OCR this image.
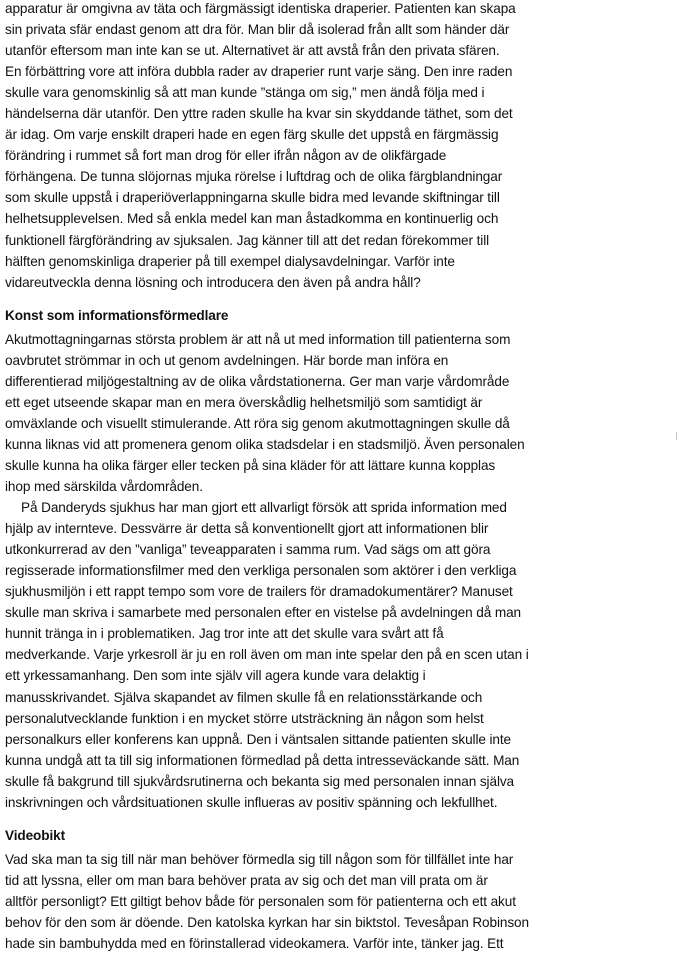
apparatur är omgivna av täta och färgmässigt identiska draperier. Patienten kan skapa
sin privata sfär endast genom att dra för. Man blir då isolerad från allt som händer där
utanför eftersom man inte kan se ut. Alternativet är att avstå från den privata sfären.
En förbättring vore att införa dubbla rader av draperier runt varje säng. Den inre raden
skulle vara genomskinlig så att man kunde ”stänga om sig,” men ändå följa med i
händelserna där utanför. Den yttre raden skulle ha kvar sin skyddande täthet, som det
är idag. Om varje enskilt draperi hade en egen färg skulle det uppstå en färgmässig
förändring i rummet så fort man drog för eller ifrån någon av de olikfärgade
förhängena. De tunna slöjornas mjuka rörelse i luftdrag och de olika färgblandningar
som skulle uppstå i draperiöverlappningarna skulle bidra med levande skiftningar till
helhetsupplevelsen. Med så enkla medel kan man åstadkomma en kontinuerlig och
funktionell färgförändring av sjuksalen. Jag känner till att det redan förekommer till
hälften genomskinliga draperier på till exempel dialysavdelningar. Varför inte
vidareutveckla denna lösning och introducera den även på andra håll?
Konst som informationsförmedlare
Akutmottagningarnas största problem är att nå ut med information till patienterna som
oavbrutet strömmar in och ut genom avdelningen. Här borde man införa en
differentierad miljögestaltning av de olika vårdstationerna. Ger man varje vårdområde
ett eget utseende skapar man en mera överskådlig helhetsmiljö som samtidigt är
omväxlande och visuellt stimulerande. Att röra sig genom akutmottagningen skulle då
kunna liknas vid att promenera genom olika stadsdelar i en stadsmiljö. Även personalen
skulle kunna ha olika färger eller tecken på sina kläder för att lättare kunna kopplas
ihop med särskilda vårdområden.
På Danderyds sjukhus har man gjort ett allvarligt försök att sprida information med
hjälp av internteve. Dessvärre är detta så konventionellt gjort att informationen blir
utkonkurrerad av den ”vanliga” teveapparaten i samma rum. Vad sägs om att göra
regisserade informationsfilmer med den verkliga personalen som aktörer i den verkliga
sjukhusmiljön i ett rappt tempo som vore de trailers för dramadokumentärer? Manuset
skulle man skriva i samarbete med personalen efter en vistelse på avdelningen då man
hunnit tränga in i problematiken. Jag tror inte att det skulle vara svårt att få
medverkande. Varje yrkesroll är ju en roll även om man inte spelar den på en scen utan i
ett yrkessamanhang. Den som inte själv vill agera kunde vara delaktig i
manusskrivandet. Själva skapandet av filmen skulle få en relationsstärkande och
personalutvecklande funktion i en mycket större utsträckning än någon som helst
personalkurs eller konferens kan uppnå. Den i väntsalen sittande patienten skulle inte
kunna undgå att ta till sig informationen förmedlad på detta intresseväckande sätt. Man
skulle få bakgrund till sjukvårdsrutinerna och bekanta sig med personalen innan själva
inskrivningen och vårdsituationen skulle influeras av positiv spänning och lekfullhet.
Videobikt
Vad ska man ta sig till när man behöver förmedla sig till någon som för tillfället inte har
tid att lyssna, eller om man bara behöver prata av sig och det man vill prata om är
alltför personligt? Ett giltigt behov både för personalen som för patienterna och ett akut
behov för den som är döende. Den katolska kyrkan har sin biktstol. Tevesåpan Robinson
hade sin bambuhydda med en förinstallerad videokamera. Varför inte, tänker jag. Ett
